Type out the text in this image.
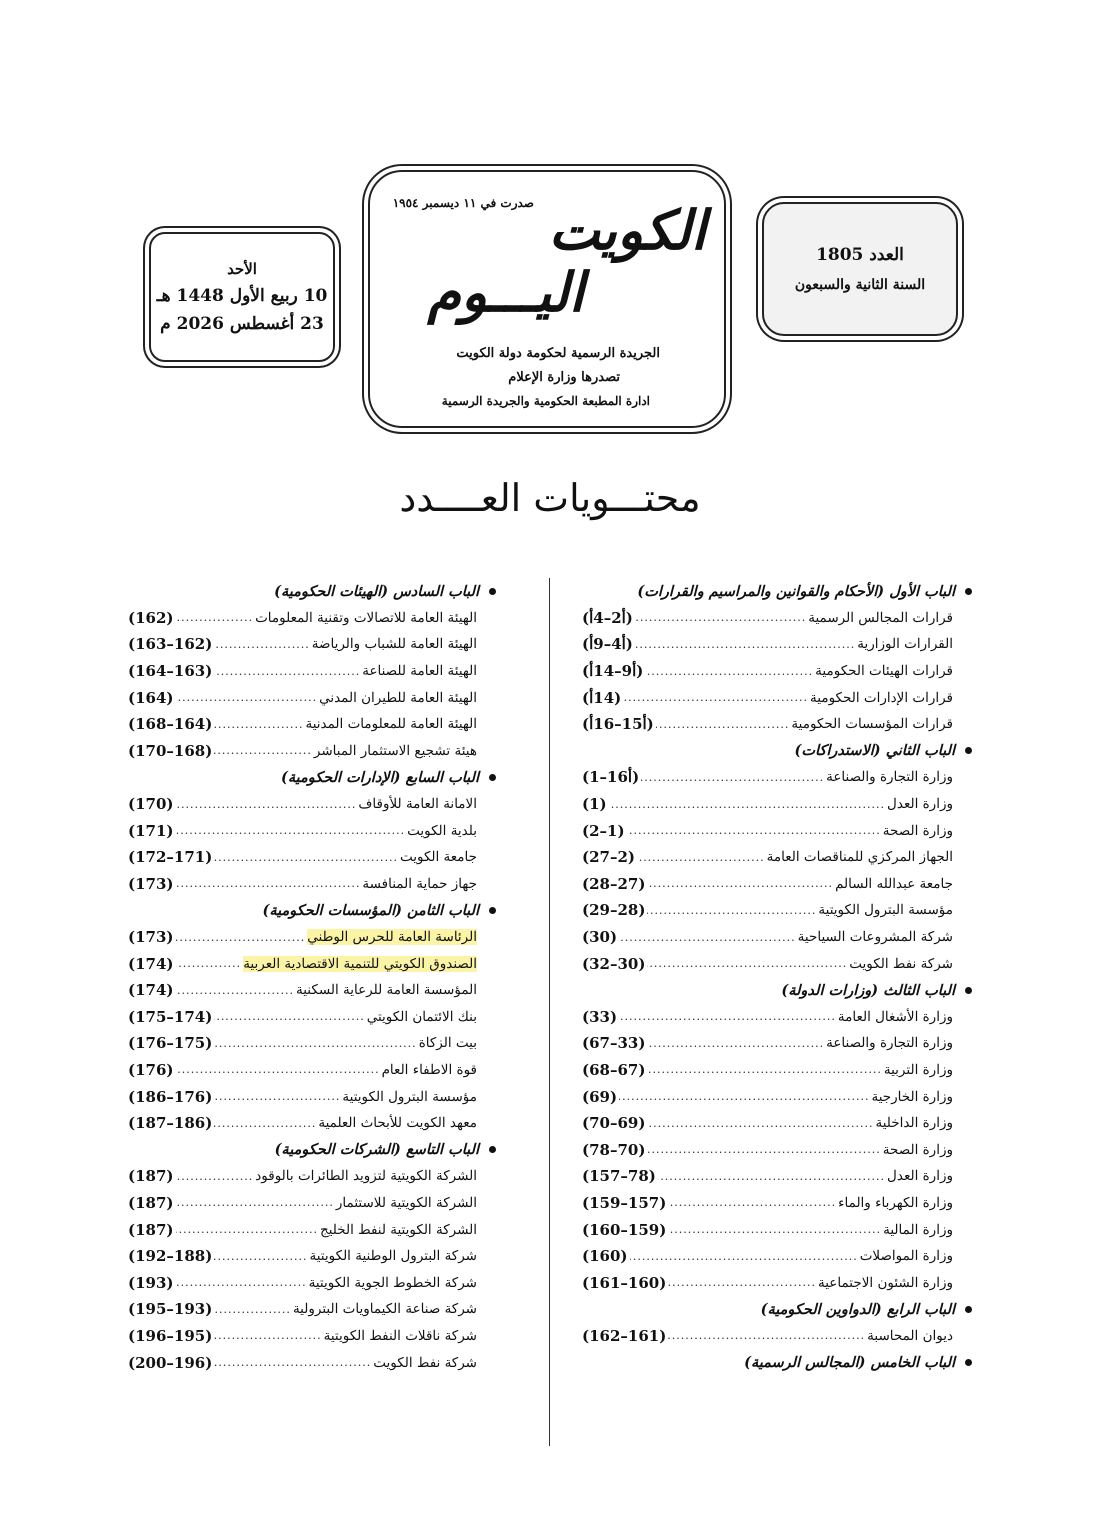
العدد 1805
السنة الثانية والسبعون
صدرت في ١١ ديسمبر ١٩٥٤ الكويت
اليـــوم
الجريدة الرسمية لحكومة دولة الكويت
تصدرها وزارة الإعلام
ادارة المطبعة الحكومية والجريدة الرسمية
الأحد
10 ربيع الأول 1448 هـ
23 أغسطس 2026 م
محتـــويات العــــدد
الباب الأول (الأحكام والقوانين والمراسيم والقرارات)
قرارات المجالس الرسمية
.....
(أ2–4أ)
القرارات الوزارية
.....
(أ4–9أ)
قرارات الهيئات الحكومية
.....
(أ9–14أ)
قرارات الإدارات الحكومية
.....
(14أ)
قرارات المؤسسات الحكومية
.....
(أ15–16أ)
الباب الثاني (الاستدراكات)
وزارة التجارة والصناعة
.....
(أ16–1)
وزارة العدل
.....
(1)
وزارة الصحة
.....
(1–2)
الجهاز المركزي للمناقصات العامة
.....
(2–27)
جامعة عبدالله السالم
.....
(27–28)
مؤسسة البترول الكويتية
.....
(28–29)
شركة المشروعات السياحية
.....
(30)
شركة نفط الكويت
.....
(30–32)
الباب الثالث (وزارات الدولة)
وزارة الأشغال العامة
.....
(33)
وزارة التجارة والصناعة
.....
(33–67)
وزارة التربية
.....
(67–68)
وزارة الخارجية
.....
(69)
وزارة الداخلية
.....
(69–70)
وزارة الصحة
.....
(70–78)
وزارة العدل
.....
(78–157)
وزارة الكهرباء والماء
.....
(157–159)
وزارة المالية
.....
(159–160)
وزارة المواصلات
.....
(160)
وزارة الشئون الاجتماعية
.....
(160–161)
الباب الرابع (الدواوين الحكومية)
ديوان المحاسبة
.....
(161–162)
الباب الخامس (المجالس الرسمية)
الباب السادس (الهيئات الحكومية)
الهيئة العامة للاتصالات وتقنية المعلومات
.....
(162)
الهيئة العامة للشباب والرياضة
.....
(162–163)
الهيئة العامة للصناعة
.....
(163–164)
الهيئة العامة للطيران المدني
.....
(164)
الهيئة العامة للمعلومات المدنية
.....
(164–168)
هيئة تشجيع الاستثمار المباشر
.....
(168–170)
الباب السابع (الإدارات الحكومية)
الامانة العامة للأوقاف
.....
(170)
بلدية الكويت
.....
(171)
جامعة الكويت
.....
(171–172)
جهاز حماية المنافسة
.....
(173)
الباب الثامن (المؤسسات الحكومية)
الرئاسة العامة للحرس الوطني
.....
(173)
الصندوق الكويتي للتنمية الاقتصادية العربية
.....
(174)
المؤسسة العامة للرعاية السكنية
.....
(174)
بنك الائتمان الكويتي
.....
(174–175)
بيت الزكاة
.....
(175–176)
قوة الاطفاء العام
.....
(176)
مؤسسة البترول الكويتية
.....
(176–186)
معهد الكويت للأبحاث العلمية
.....
(186–187)
الباب التاسع (الشركات الحكومية)
الشركة الكويتية لتزويد الطائرات بالوقود
.....
(187)
الشركة الكويتية للاستثمار
.....
(187)
الشركة الكويتية لنفط الخليج
.....
(187)
شركة البترول الوطنية الكويتية
.....
(188–192)
شركة الخطوط الجوية الكويتية
.....
(193)
شركة صناعة الكيماويات البترولية
.....
(193–195)
شركة ناقلات النفط الكويتية
.....
(195–196)
شركة نفط الكويت
.....
(196–200)
